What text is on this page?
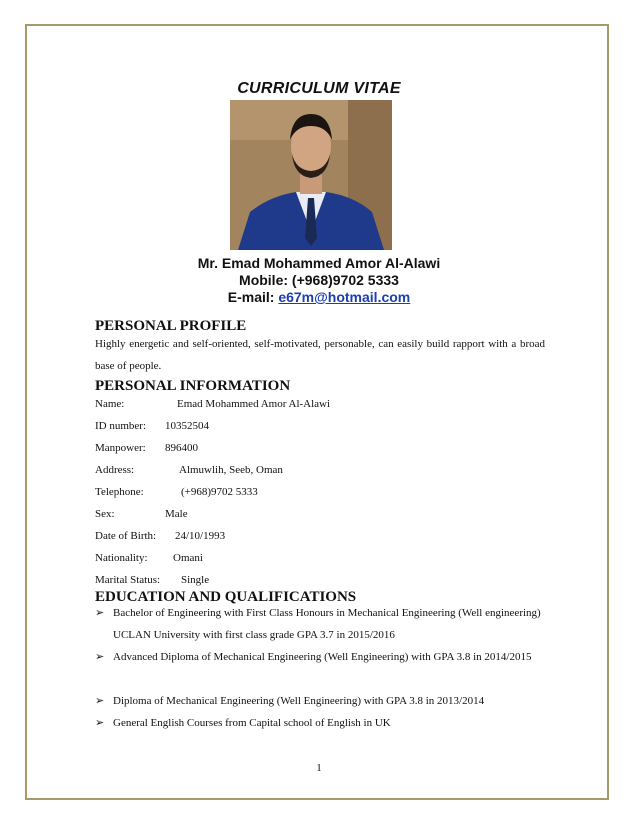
CURRICULUM VITAE
Mr. Emad Mohammed Amor Al-Alawi
Mobile: (+968)9702 5333
E-mail: e67m@hotmail.com
PERSONAL PROFILE
Highly energetic and self-oriented, self-motivated, personable, can easily build rapport with a broad base of people.
PERSONAL INFORMATION
Name:	Emad Mohammed Amor Al-Alawi
ID number: 10352504
Manpower: 896400
Address:	Almuwlih, Seeb, Oman
Telephone:	(+968)9702 5333
Sex:	Male
Date of Birth: 24/10/1993
Nationality: Omani
Marital Status: Single
EDUCATION AND QUALIFICATIONS
➢ Bachelor of Engineering with First Class Honours in Mechanical Engineering (Well engineering) UCLAN University with first class grade GPA 3.7 in 2015/2016
➢ Advanced Diploma of Mechanical Engineering (Well Engineering) with GPA 3.8 in 2014/2015
➢ Diploma of Mechanical Engineering (Well Engineering) with GPA 3.8 in 2013/2014
➢ General English Courses from Capital school of English in UK
1
